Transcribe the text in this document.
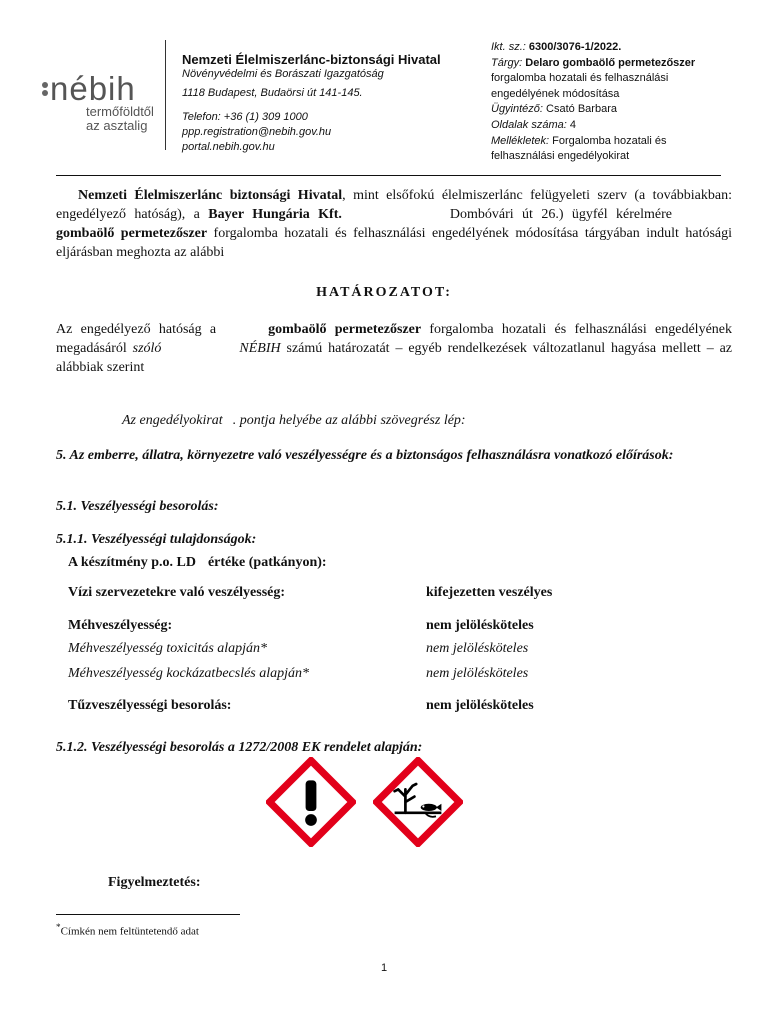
nébih
termőföldtől
az asztalig
Nemzeti Élelmiszerlánc-biztonsági Hivatal
Növényvédelmi és Borászati Igazgatóság
1118 Budapest, Budaörsi út 141-145.
Telefon: +36 (1) 309 1000
ppp.registration@nebih.gov.hu
portal.nebih.gov.hu
Ikt. sz.: 6300/3076-1/2022.
Tárgy: Delaro gombaölő permetezőszer
forgalomba hozatali és felhasználási
engedélyének módosítása
Ügyintéző: Csató Barbara
Oldalak száma: 4
Mellékletek: Forgalomba hozatali és
felhasználási engedélyokirat
Nemzeti Élelmiszerlánc biztonsági Hivatal, mint elsőfokú élelmiszerlánc felügyeleti szerv (a továbbiakban: engedélyező hatóság), a Bayer Hungária Kft.	Dombóvári út 26.) ügyfél kérelméregombaölő permetezőszer forgalomba hozatali és felhasználási engedélyének módosítása tárgyában indult hatósági eljárásban meghozta az alábbi
HATÁROZATOT:
Az engedélyező hatóság a	gombaölő permetezőszer forgalomba hozatali és felhasználási engedélyének megadásáról szóló	NÉBIH számú határozatát – egyéb rendelkezések változatlanul hagyása mellett – az alábbiak szerint
Az engedélyokirat . pontja helyébe az alábbi szövegrész lép:
5. Az emberre, állatra, környezetre való veszélyességre és a biztonságos felhasználásra vonatkozó előírások:
5.1. Veszélyességi besorolás:
5.1.1. Veszélyességi tulajdonságok:
A készítmény p.o. LD értéke (patkányon):
Vízi szervezetekre való veszélyesség:	kifejezetten veszélyes
Méhveszélyesség:	nem jelölésköteles
Méhveszélyesség toxicitás alapján*	nem jelölésköteles
Méhveszélyesség kockázatbecslés alapján*	nem jelölésköteles
Tűzveszélyességi besorolás:	nem jelölésköteles
5.1.2. Veszélyességi besorolás a 1272/2008 EK rendelet alapján:
Figyelmeztetés:
*Címkén nem feltüntetendő adat
1
